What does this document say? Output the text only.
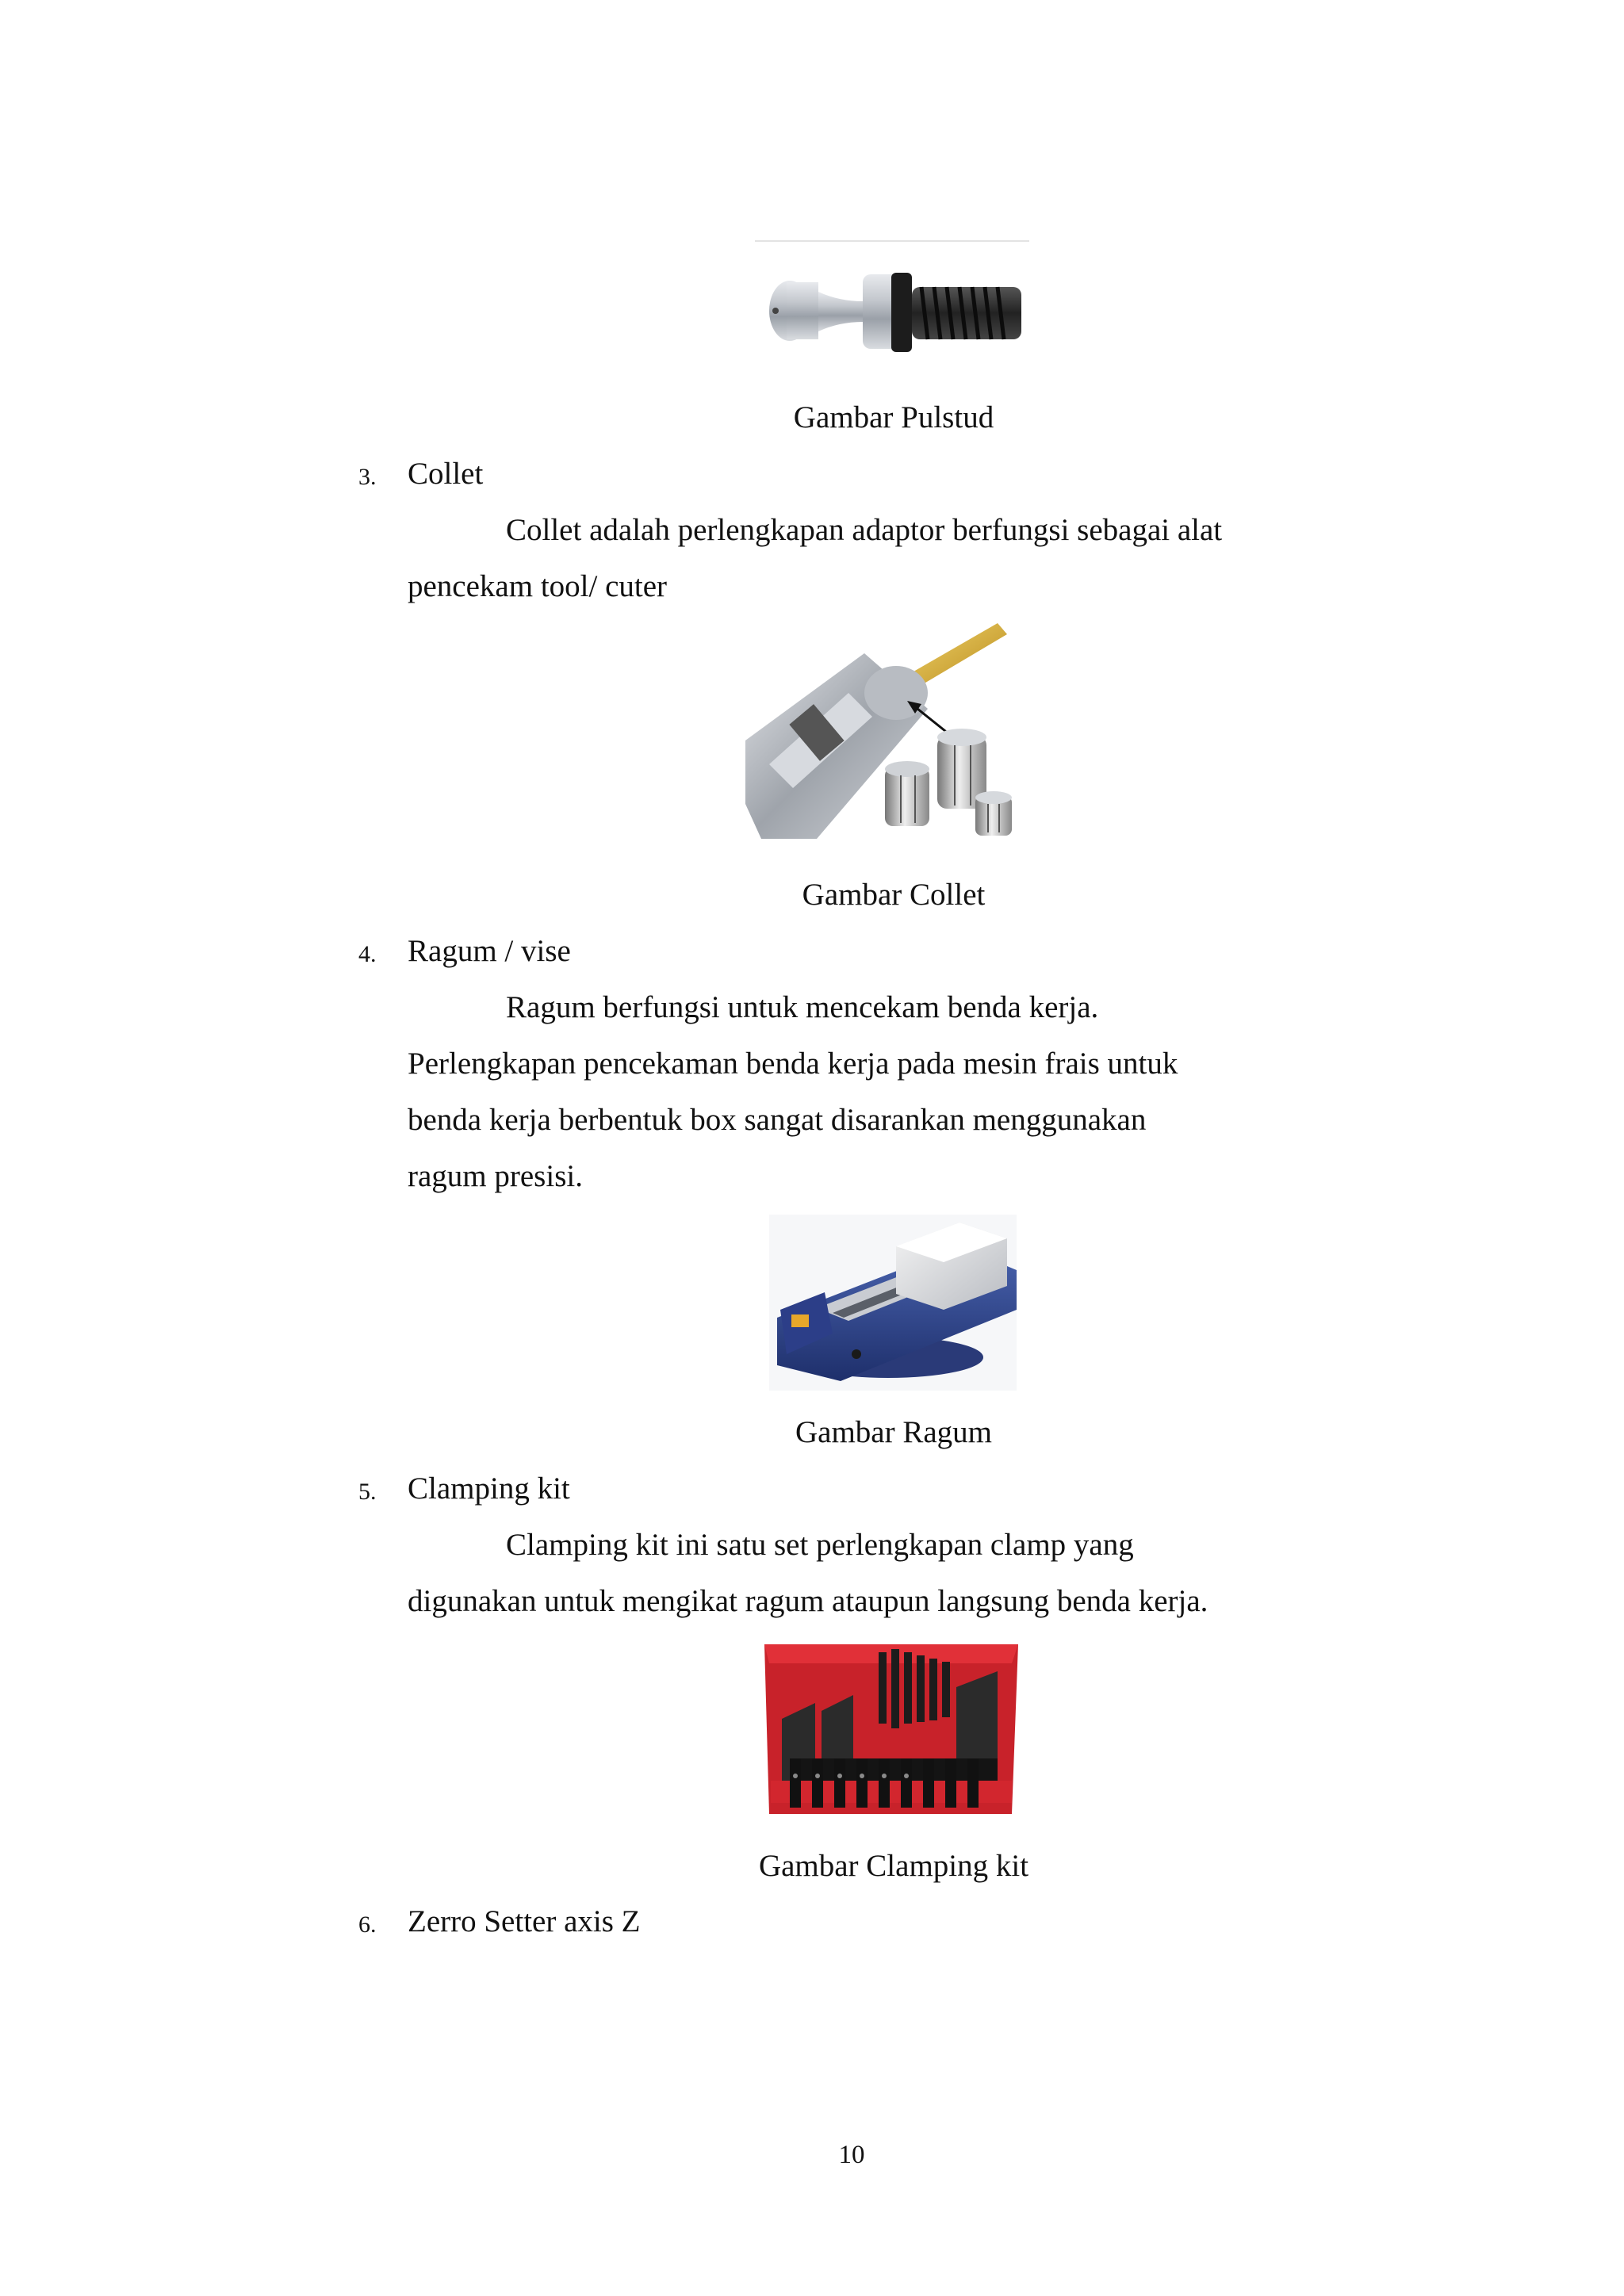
Gambar Pulstud
3. Collet
Collet adalah perlengkapan adaptor berfungsi sebagai alat
pencekam tool/ cuter
Gambar Collet
4. Ragum / vise
Ragum berfungsi untuk mencekam benda kerja.
Perlengkapan pencekaman benda kerja pada mesin frais untuk
benda kerja berbentuk box sangat disarankan menggunakan
ragum presisi.
Gambar Ragum
5. Clamping kit
Clamping kit ini satu set perlengkapan clamp yang
digunakan untuk mengikat ragum ataupun langsung benda kerja.
Gambar Clamping kit
6. Zerro Setter axis Z
10
